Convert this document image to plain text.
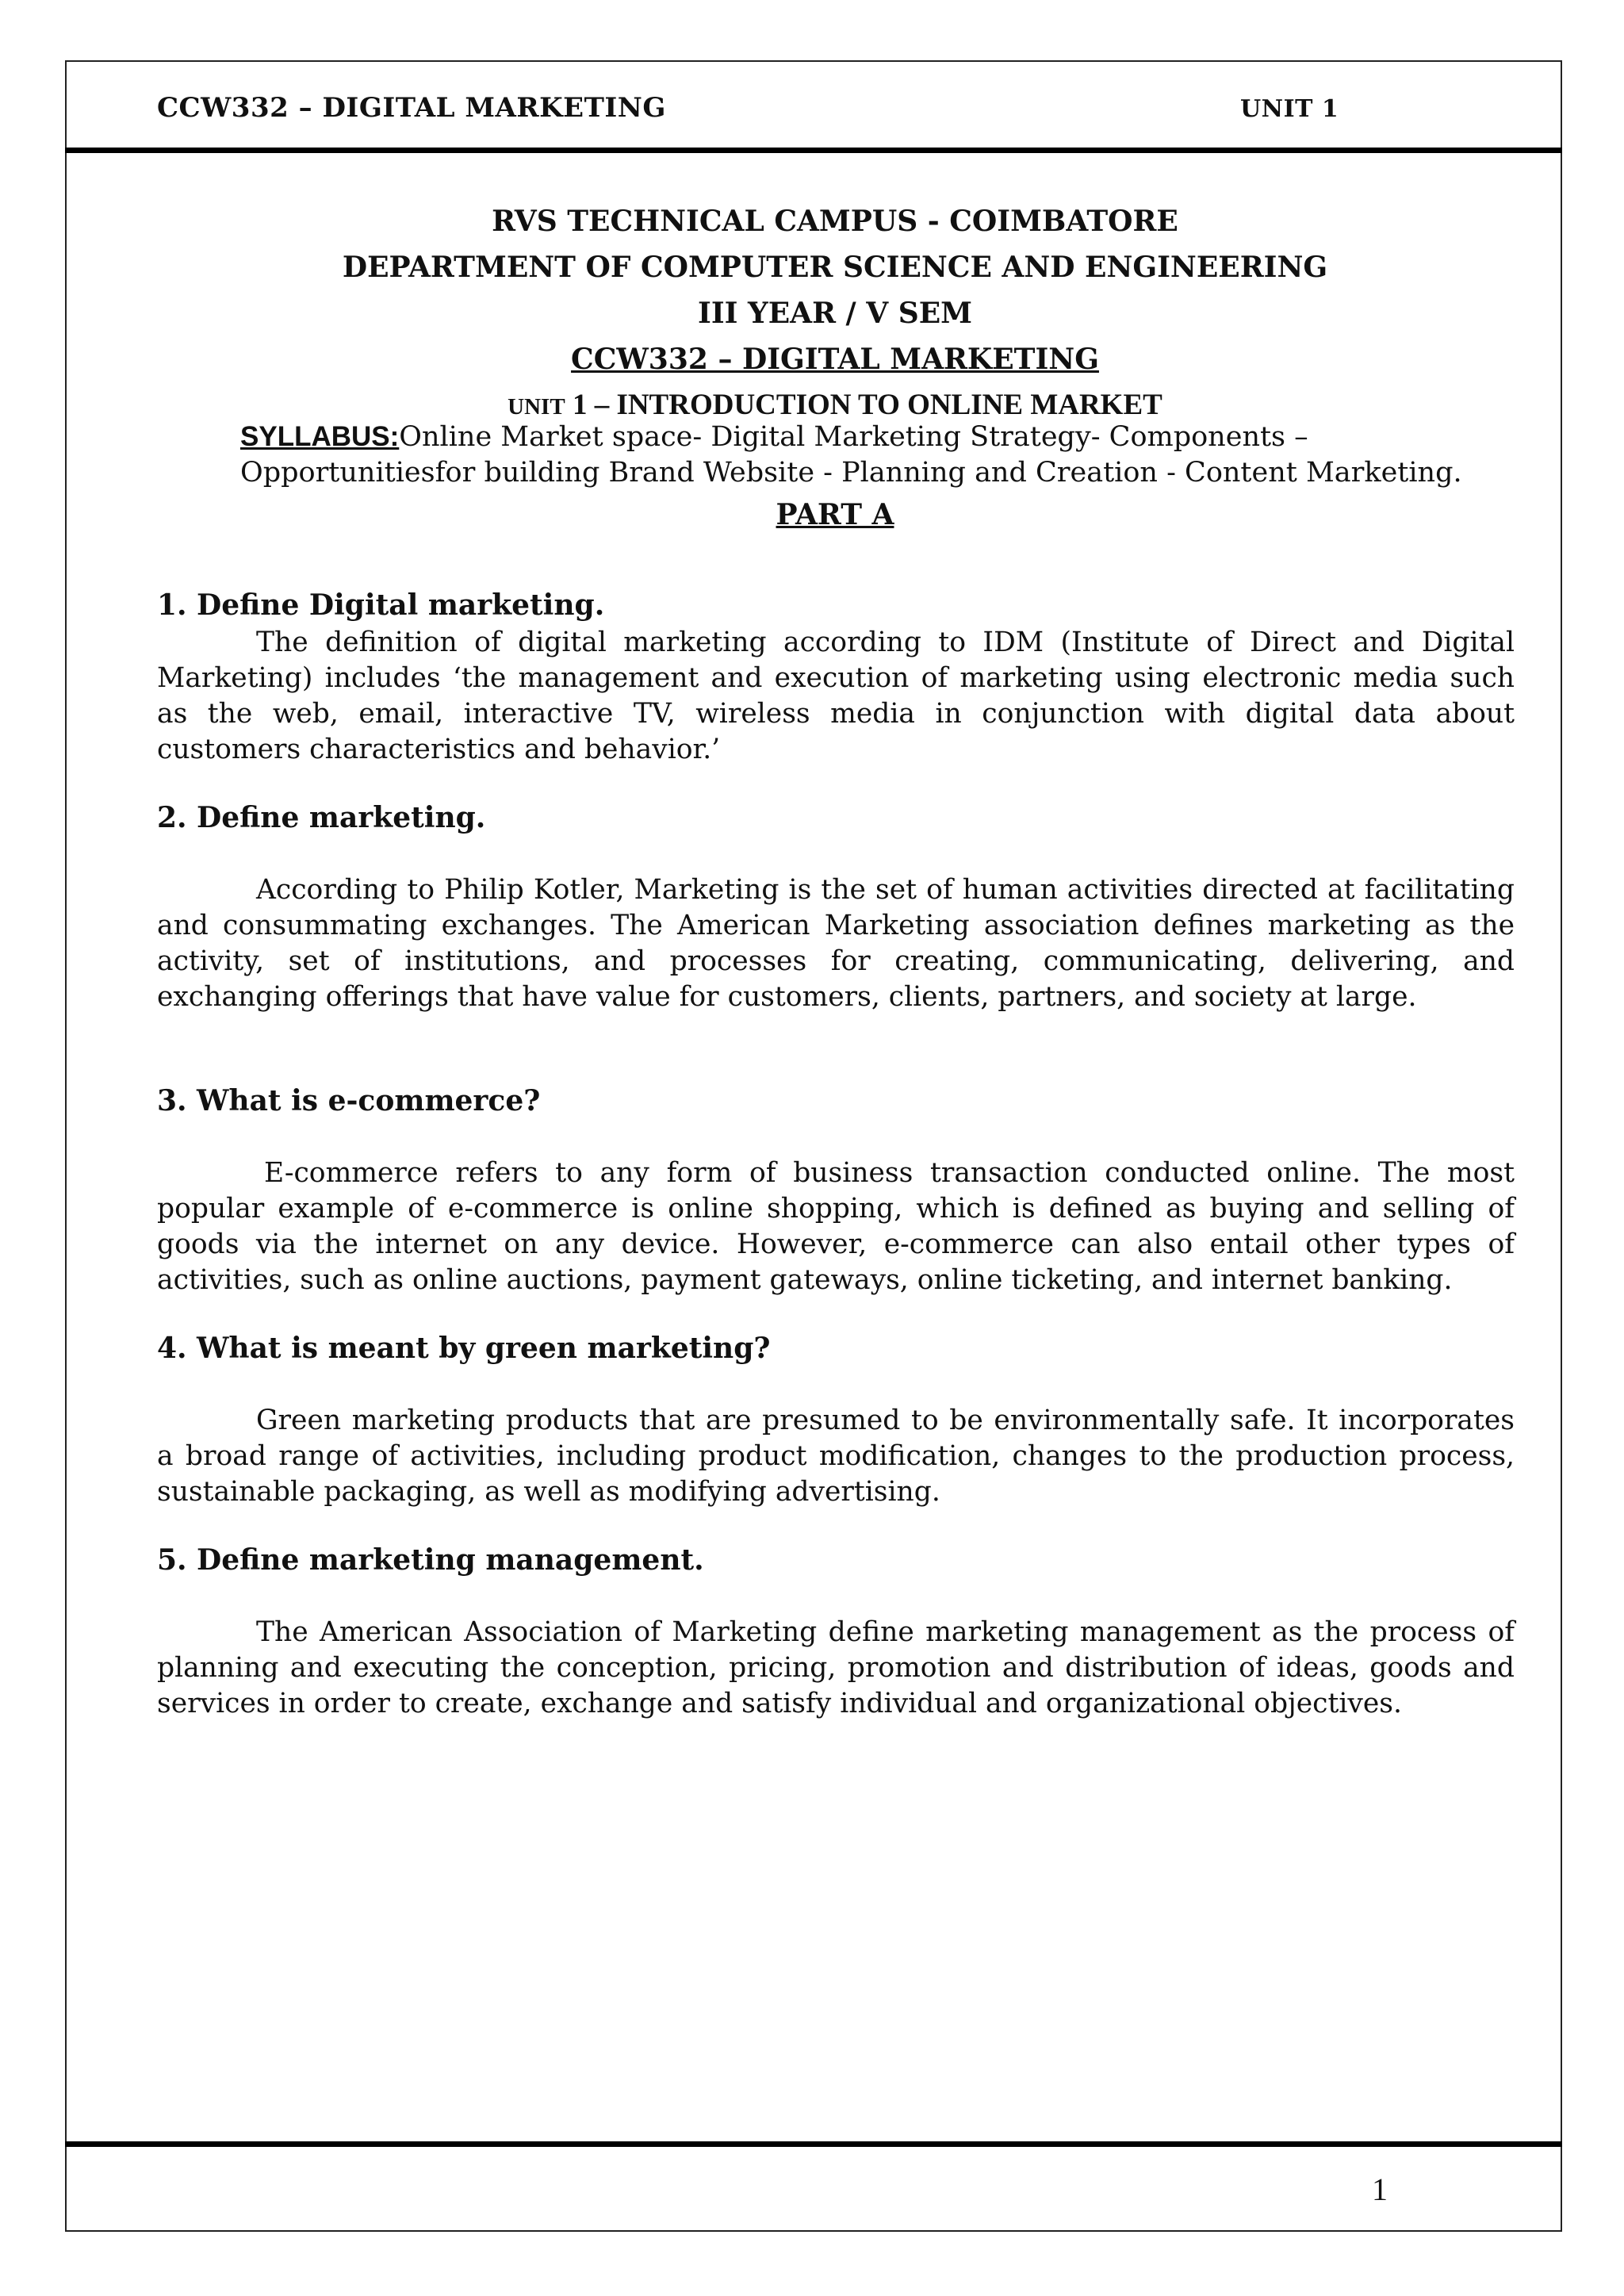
CCW332 – DIGITAL MARKETING	UNIT 1
RVS TECHNICAL CAMPUS - COIMBATORE
DEPARTMENT OF COMPUTER SCIENCE AND ENGINEERING
III YEAR / V SEM
CCW332 – DIGITAL MARKETING
UNIT 1 – INTRODUCTION TO ONLINE MARKET
SYLLABUS:Online Market space- Digital Marketing Strategy- Components – Opportunitiesfor building Brand Website - Planning and Creation - Content Marketing.
PART A
1. Define Digital marketing.
The definition of digital marketing according to IDM (Institute of Direct and Digital Marketing) includes ‘the management and execution of marketing using electronic media such as the web, email, interactive TV, wireless media in conjunction with digital data about customers characteristics and behavior.’
2. Define marketing.
According to Philip Kotler, Marketing is the set of human activities directed at facilitating and consummating exchanges. The American Marketing association defines marketing as the activity, set of institutions, and processes for creating, communicating, delivering, and exchanging offerings that have value for customers, clients, partners, and society at large.
3. What is e-commerce?
E-commerce refers to any form of business transaction conducted online. The most popular example of e-commerce is online shopping, which is defined as buying and selling of goods via the internet on any device. However, e-commerce can also entail other types of activities, such as online auctions, payment gateways, online ticketing, and internet banking.
4. What is meant by green marketing?
Green marketing products that are presumed to be environmentally safe. It incorporates a broad range of activities, including product modification, changes to the production process, sustainable packaging, as well as modifying advertising.
5. Define marketing management.
The American Association of Marketing define marketing management as the process of planning and executing the conception, pricing, promotion and distribution of ideas, goods and services in order to create, exchange and satisfy individual and organizational objectives.
1
